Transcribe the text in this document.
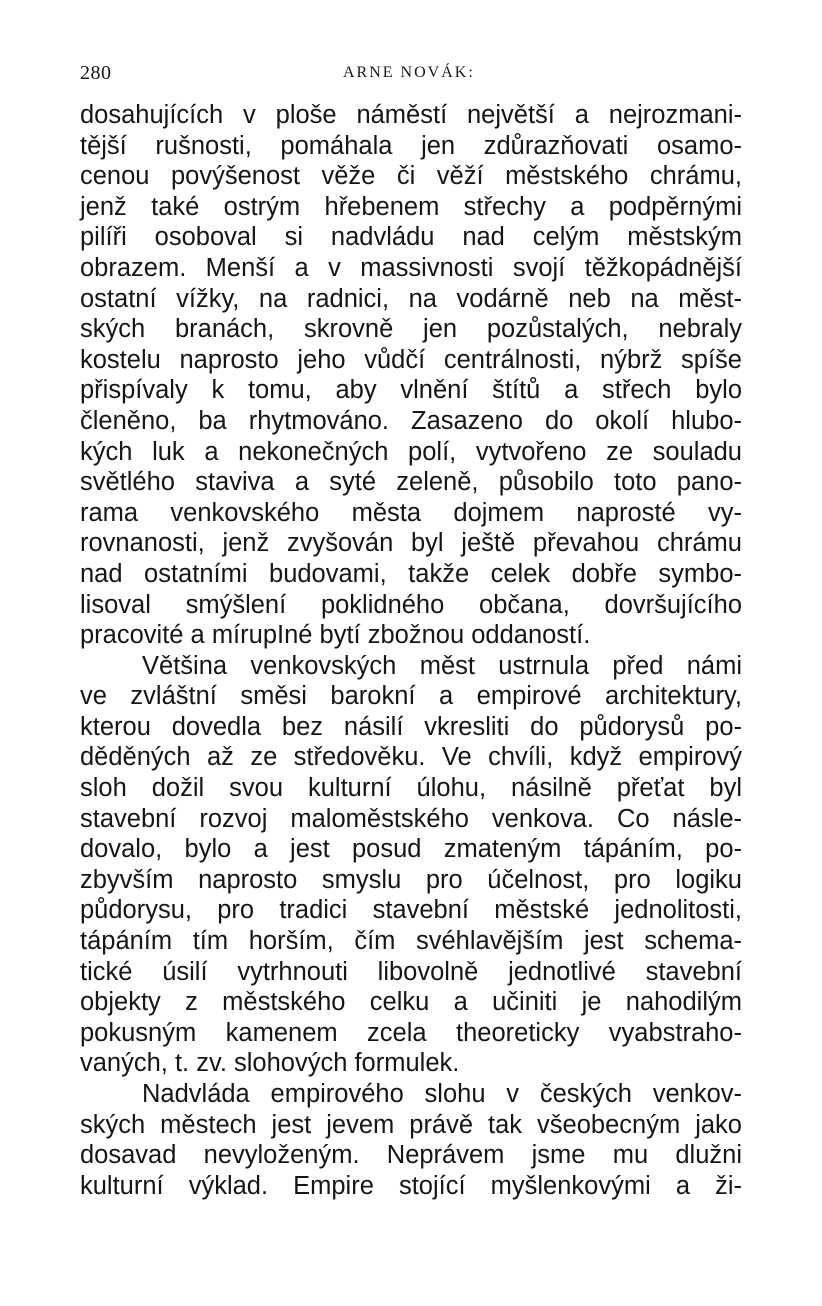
280	ARNE NOVÁK:
dosahujících v ploše náměstí největší a nejrozmani-
tější rušnosti, pomáhala jen zdůrazňovati osamo-
cenou povýšenost věže či věží městského chrámu,
jenž také ostrým hřebenem střechy a podpěrnými
pilíři osoboval si nadvládu nad celým městským
obrazem. Menší a v massivnosti svojí těžkopádnější
ostatní vížky, na radnici, na vodárně neb na měst-
ských branách, skrovně jen pozůstalých, nebraly
kostelu naprosto jeho vůdčí centrálnosti, nýbrž spíše
přispívaly k tomu, aby vlnění štítů a střech bylo
členěno, ba rhytmováno. Zasazeno do okolí hlubo-
kých luk a nekonečných polí, vytvořeno ze souladu
světlého staviva a syté zeleně, působilo toto pano-
rama venkovského města dojmem naprosté vy-
rovnanosti, jenž zvyšován byl ještě převahou chrámu
nad ostatními budovami, takže celek dobře symbo-
lisoval smýšlení poklidného občana, dovršujícího
pracovité a mírupIné bytí zbožnou oddaností.
Většina venkovských měst ustrnula před námi
ve zvláštní směsi barokní a empirové architektury,
kterou dovedla bez násilí vkresliti do půdorysů po-
děděných až ze středověku. Ve chvíli, když empirový
sloh dožil svou kulturní úlohu, násilně přeťat byl
stavební rozvoj maloměstského venkova. Co násle-
dovalo, bylo a jest posud zmateným tápáním, po-
zbyvším naprosto smyslu pro účelnost, pro logiku
půdorysu, pro tradici stavební městské jednolitosti,
tápáním tím horším, čím svéhlavějším jest schema-
tické úsilí vytrhnouti libovolně jednotlivé stavební
objekty z městského celku a učiniti je nahodilým
pokusným kamenem zcela theoreticky vyabstraho-
vaných, t. zv. slohových formulek.
Nadvláda empirového slohu v českých venkov-
ských městech jest jevem právě tak všeobecným jako
dosavad nevyloženým. Neprávem jsme mu dlužni
kulturní výklad. Empire stojící myšlenkovými a ži-
